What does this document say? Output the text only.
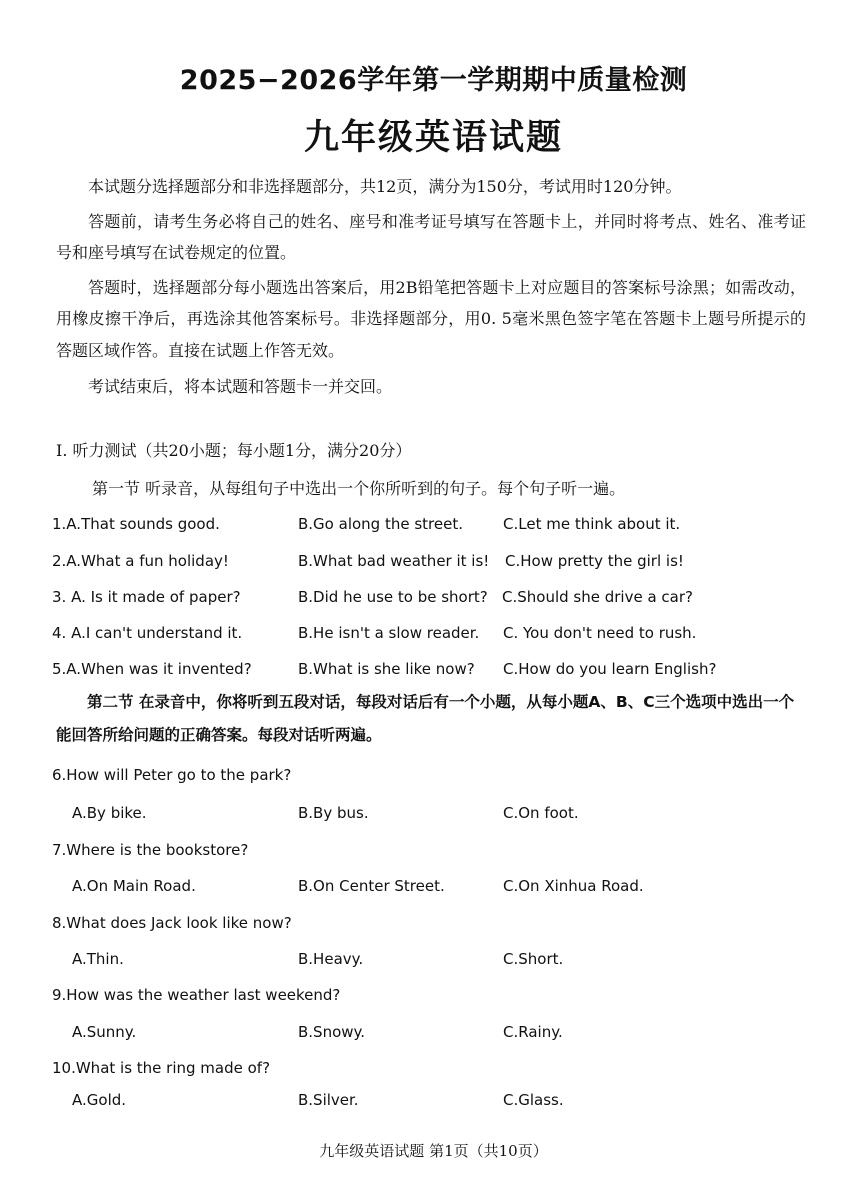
2025−2026学年第一学期期中质量检测
九年级英语试题

本试题分选择题部分和非选择题部分，共12页，满分为150分，考试用时120分钟。

答题前，请考生务必将自己的姓名、座号和准考证号填写在答题卡上，并同时将考点、姓名、准考证号和座号填写在试卷规定的位置。

答题时，选择题部分每小题选出答案后，用2B铅笔把答题卡上对应题目的答案标号涂黑；如需改动，用橡皮擦干净后，再选涂其他答案标号。非选择题部分，用0. 5毫米黑色签字笔在答题卡上题号所提示的答题区域作答。直接在试题上作答无效。

考试结束后，将本试题和答题卡一并交回。

I. 听力测试（共20小题；每小题1分，满分20分）
第一节 听录音，从每组句子中选出一个你所听到的句子。每个句子听一遍。
1.A.That sounds good.	B.Go along the street.	C.Let me think about it.
2.A.What a fun holiday!	B.What bad weather it is! C.How pretty the girl is!
3. A. Is it made of paper?	B.Did he use to be short? C.Should she drive a car?
4. A.I can't understand it.	B.He isn't a slow reader. C. You don't need to rush.
5.A.When was it invented?	B.What is she like now? C.How do you learn English?
第二节 在录音中，你将听到五段对话，每段对话后有一个小题，从每小题A、B、C三个选项中选出一个能回答所给问题的正确答案。每段对话听两遍。
6.How will Peter go to the park?
A.By bike.	B.By bus.	C.On foot.
7.Where is the bookstore?
A.On Main Road.	B.On Center Street.	C.On Xinhua Road.
8.What does Jack look like now?
A.Thin.	B.Heavy.	C.Short.
9.How was the weather last weekend?
A.Sunny.	B.Snowy.	C.Rainy.
10.What is the ring made of?
A.Gold.	B.Silver.	C.Glass.
九年级英语试题 第1页（共10页）
